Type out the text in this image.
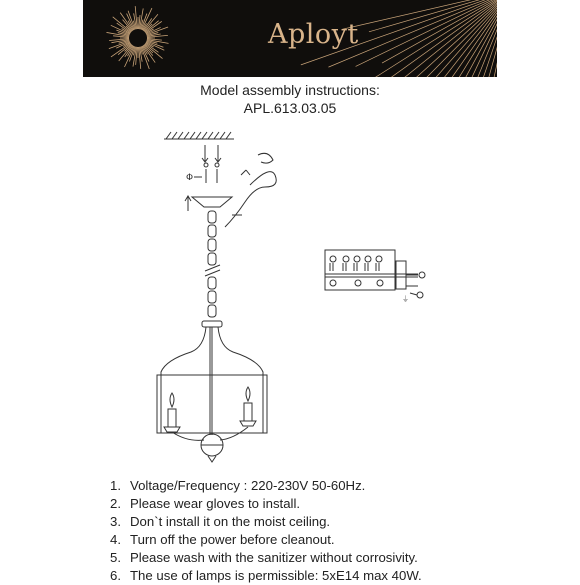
Aployt
Model assembly instructions:
APL.613.03.05
Φ
⏚
1. Voltage/Frequency : 220-230V 50-60Hz.
2. Please wear gloves to install.
3. Don`t install it on the moist ceiling.
4. Turn off the power before cleanout.
5. Please wash with the sanitizer without corrosivity.
6. The use of lamps is permissible: 5xE14 max 40W.
